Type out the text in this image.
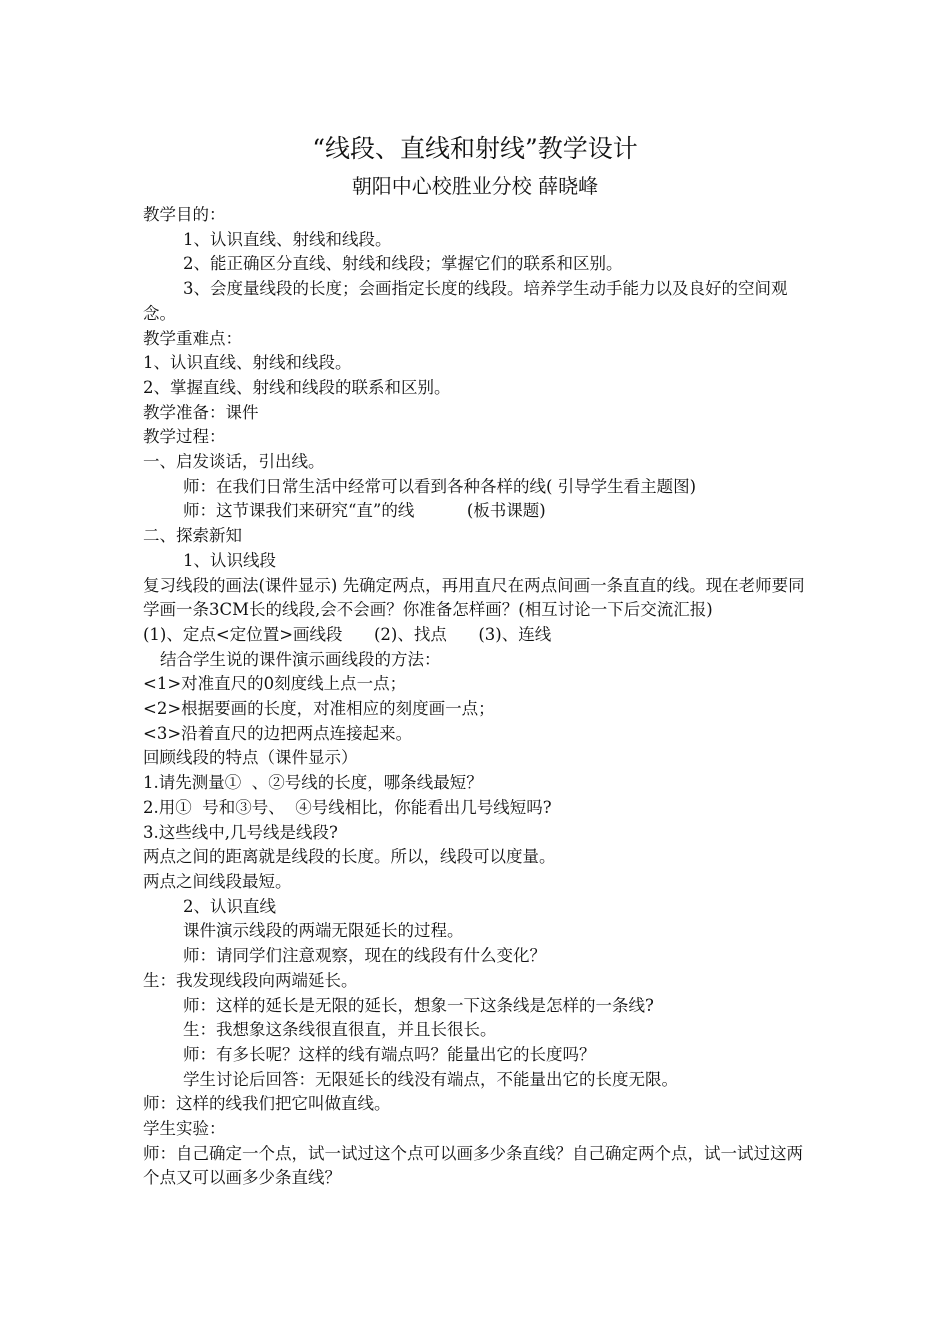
“线段、直线和射线”教学设计
朝阳中心校胜业分校 薛晓峰

教学目的：

1、认识直线、射线和线段。

2、能正确区分直线、射线和线段；掌握它们的联系和区别。

3、会度量线段的长度；会画指定长度的线段。培养学生动手能力以及良好的空间观念。

教学重难点：

1、认识直线、射线和线段。

2、掌握直线、射线和线段的联系和区别。

教学准备：课件

教学过程：

一、启发谈话，引出线。

师：在我们日常生活中经常可以看到各种各样的线( 引导学生看主题图)

师：这节课我们来研究“直”的线          (板书课题)

二、探索新知

1、认识线段

复习线段的画法(课件显示) 先确定两点，再用直尺在两点间画一条直直的线。现在老师要同学画一条3CM长的线段,会不会画？你准备怎样画？(相互讨论一下后交流汇报)

(1)、定点<定位置>画线段      (2)、找点      (3)、连线

结合学生说的课件演示画线段的方法：

<1>对准直尺的0刻度线上点一点；

<2>根据要画的长度，对准相应的刻度画一点；

<3>沿着直尺的边把两点连接起来。

回顾线段的特点（课件显示）

1.请先测量①  、②号线的长度，哪条线最短？

2.用①  号和③号、  ④号线相比，你能看出几号线短吗?

3.这些线中,几号线是线段?

两点之间的距离就是线段的长度。所以，线段可以度量。

两点之间线段最短。

2、认识直线

课件演示线段的两端无限延长的过程。

师：请同学们注意观察，现在的线段有什么变化？

生：我发现线段向两端延长。

师：这样的延长是无限的延长，想象一下这条线是怎样的一条线?

生：我想象这条线很直很直，并且长很长。

师：有多长呢？这样的线有端点吗？能量出它的长度吗？

学生讨论后回答：无限延长的线没有端点，不能量出它的长度无限。

师：这样的线我们把它叫做直线。

学生实验：

师：自己确定一个点，试一试过这个点可以画多少条直线？自己确定两个点，试一试过这两个点又可以画多少条直线？
